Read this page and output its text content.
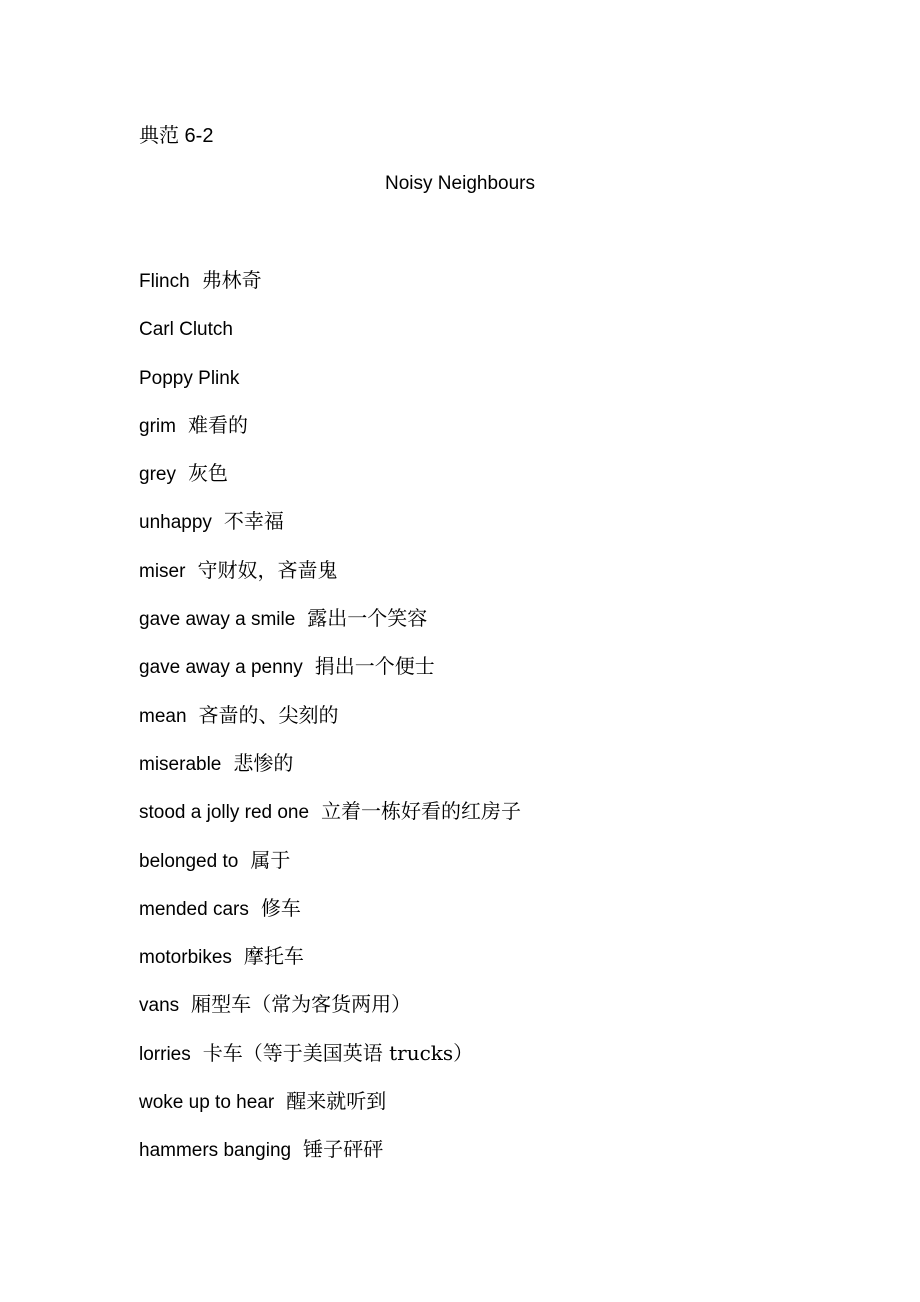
典范 6-2
Noisy Neighbours
Flinch 弗林奇
Carl Clutch
Poppy Plink
grim 难看的
grey 灰色
unhappy 不幸福
miser 守财奴，吝啬鬼
gave away a smile 露出一个笑容
gave away a penny 捐出一个便士
mean 吝啬的、尖刻的
miserable 悲惨的
stood a jolly red one 立着一栋好看的红房子
belonged to 属于
mended cars 修车
motorbikes 摩托车
vans 厢型车（常为客货两用）
lorries 卡车（等于美国英语 trucks）
woke up to hear 醒来就听到
hammers banging 锤子砰砰
